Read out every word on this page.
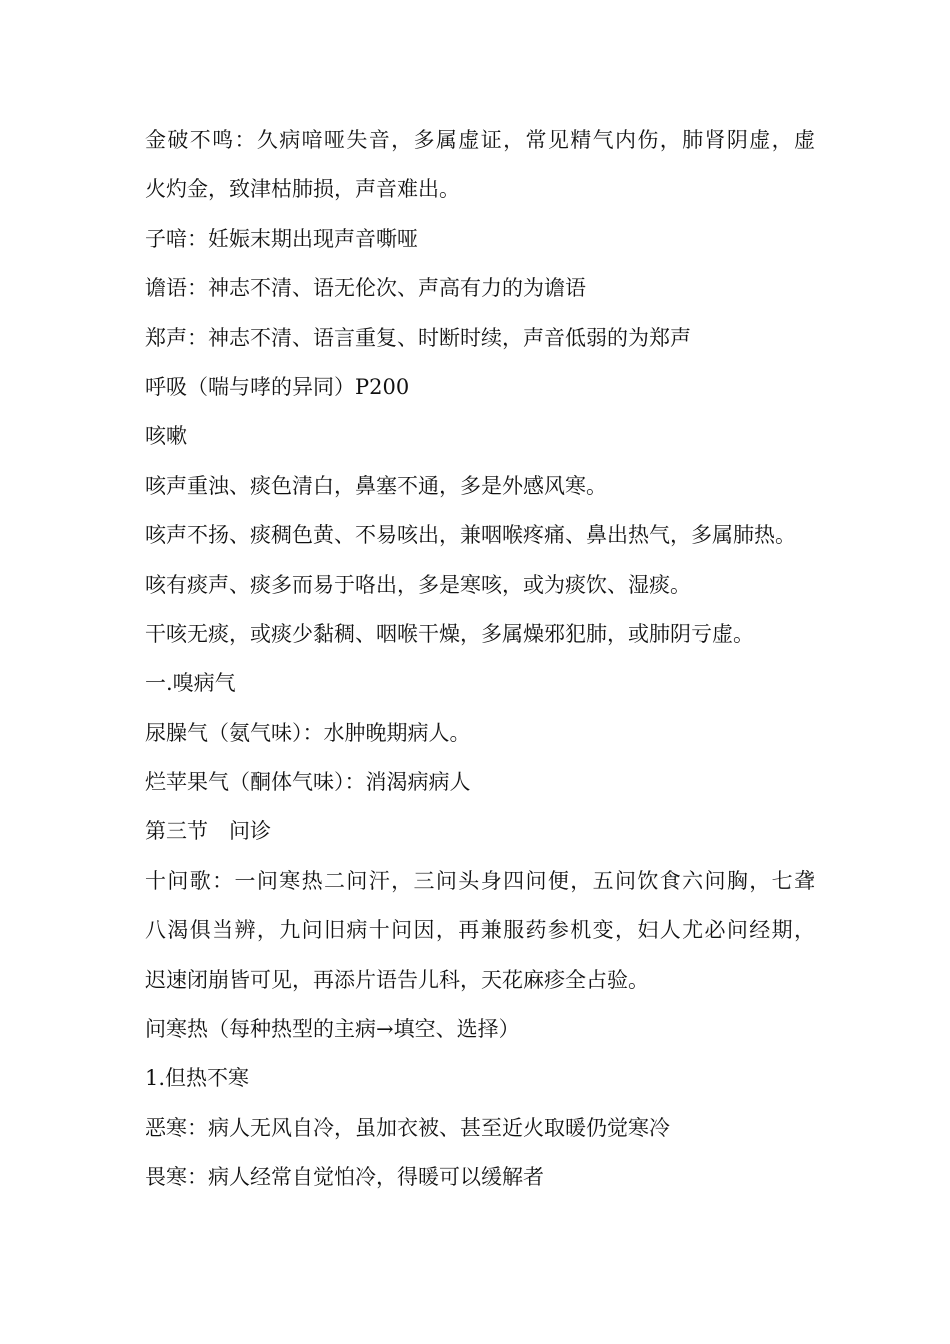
金破不鸣：久病喑哑失音，多属虚证，常见精气内伤，肺肾阴虚，虚

火灼金，致津枯肺损，声音难出。

子喑：妊娠末期出现声音嘶哑

谵语：神志不清、语无伦次、声高有力的为谵语

郑声：神志不清、语言重复、时断时续，声音低弱的为郑声

呼吸（喘与哮的异同）P200

咳嗽

咳声重浊、痰色清白，鼻塞不通，多是外感风寒。

咳声不扬、痰稠色黄、不易咳出，兼咽喉疼痛、鼻出热气，多属肺热。

咳有痰声、痰多而易于咯出，多是寒咳，或为痰饮、湿痰。

干咳无痰，或痰少黏稠、咽喉干燥，多属燥邪犯肺，或肺阴亏虚。

一.嗅病气

尿臊气（氨气味）：水肿晚期病人。

烂苹果气（酮体气味）：消渴病病人

第三节　问诊

十问歌：一问寒热二问汗，三问头身四问便，五问饮食六问胸，七聋

八渴俱当辨，九问旧病十问因，再兼服药参机变，妇人尤必问经期，

迟速闭崩皆可见，再添片语告儿科，天花麻疹全占验。

问寒热（每种热型的主病→填空、选择）

1.但热不寒

恶寒：病人无风自冷，虽加衣被、甚至近火取暖仍觉寒冷

畏寒：病人经常自觉怕冷，得暖可以缓解者
